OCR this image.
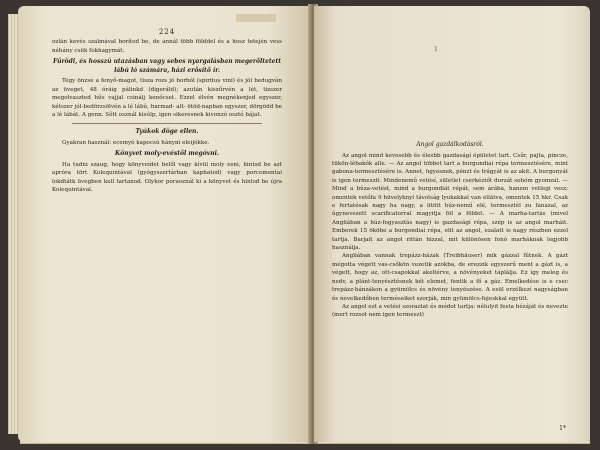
224

ozlán kevés szalmával borítod be, de annál több földdel és a hosz tetején vess néhány csiik fokhagymát.

Fürödi, és hosszú utazásban vagy sebes nyargalásban megerőltetett lábú ló számára, házi erősítő ír.

Tégy önzse a fenyő-magot, tisza rozs jó borból (spiritus vini) és jól bedugván az üveget, 48 óráig pálinkd (digeráld); azután kiszűrvén a lét, tizszer megolvaszted hűs vajjal csinálj kenőcset. Ezzel élvén megnékenjed egyszer, kétszer jól-bedörzsölvén a lé lábú, harmad- alt- ötöd-napban egyszer, dörgödd be a lé lábát. A genn. Sőtt osznál kisúlp, igen sikeresnek kivonzó osztó bájat.

Tyúkok döge ellen.

Gyakran használ: ecemyó kapocsú hányni eleijókke.

Könyvet moly-evéstől megóvni.

Ha tudni szaug, hogy könyveidet belől vagy kívül moly esni, hintsd be azt apróra tört Kolequintával (gyógyszertárban kaphatod) vagy porcomentai lokdtátk üvegben kell tartanod. Olykor poraoznál ki a könyvet és hintsd be újra Kolequintával.

1
Angol gazdálkodásról.

Az angol mind kevesebb és élesbb gazdaságí épületet tart. Csűr, pajta, pincze, tükön-lébakók alle. — Az angol többet tart a burgundiai répa termesztésére, mint gabona-termesztésére is. Annet, ügyesnek, pénzt és trágyát is az akit. A burgonyát is igen termesztí. Mindenemű vetésí, sületlet cserkéztőt dorzát sohóm gyomzát. — Mind a búza-vetést, mind a burgondiát répát, sem árába, hanem vetlegi vesz; omentek vetőfa 9 hüvelyknyi távolság lyukakkal van ellátva, omentek 15 hkr. Csak e fertatósak nagy ha nagy, a ütött húz-nemű elé, termesztél zu fanazal, az úgynevezett scarificatorral magyitja föl a földet. — A marha-tartás (mivel Angliában a húz-fogyasztás nagy) is gazdaságí répa, szép is az angol marháit. Emberek 15 ököbe a burgondiai répa, elit az angol, ezalatt is nagy részben ezzel tartja. Barjait az angol rittán hizzal, mit különösen fonó marháknak legjobb használja.

Angliában vannak trepázz-házak (Treibhäuser) mik gázzal fűtnek. A gázt mégotta végett vas-csőkön vezetik azokba, de erezzik egyszerű ment a gázt is, a végett, hogy az, ott-csapokkal akeltérve, a növényeket táplálja. Ez igy meleg és nedv, a plánt-tenyésztésnek két elemet, fentik a fő a gáz. Emelkedése is e csec trepázz-hánzákon a gyümölcs és növény tenyészése. A esül erzélkezi nagyságban és nevelkedőben terméseiket szorják, min gyümölcs-fejeskkal együtt.

Az angol ezt a vetési szoraztat és módot tartja: nélulyit festa bézáját és nevezte (mert rozsot nem igen termeszt)

1*
